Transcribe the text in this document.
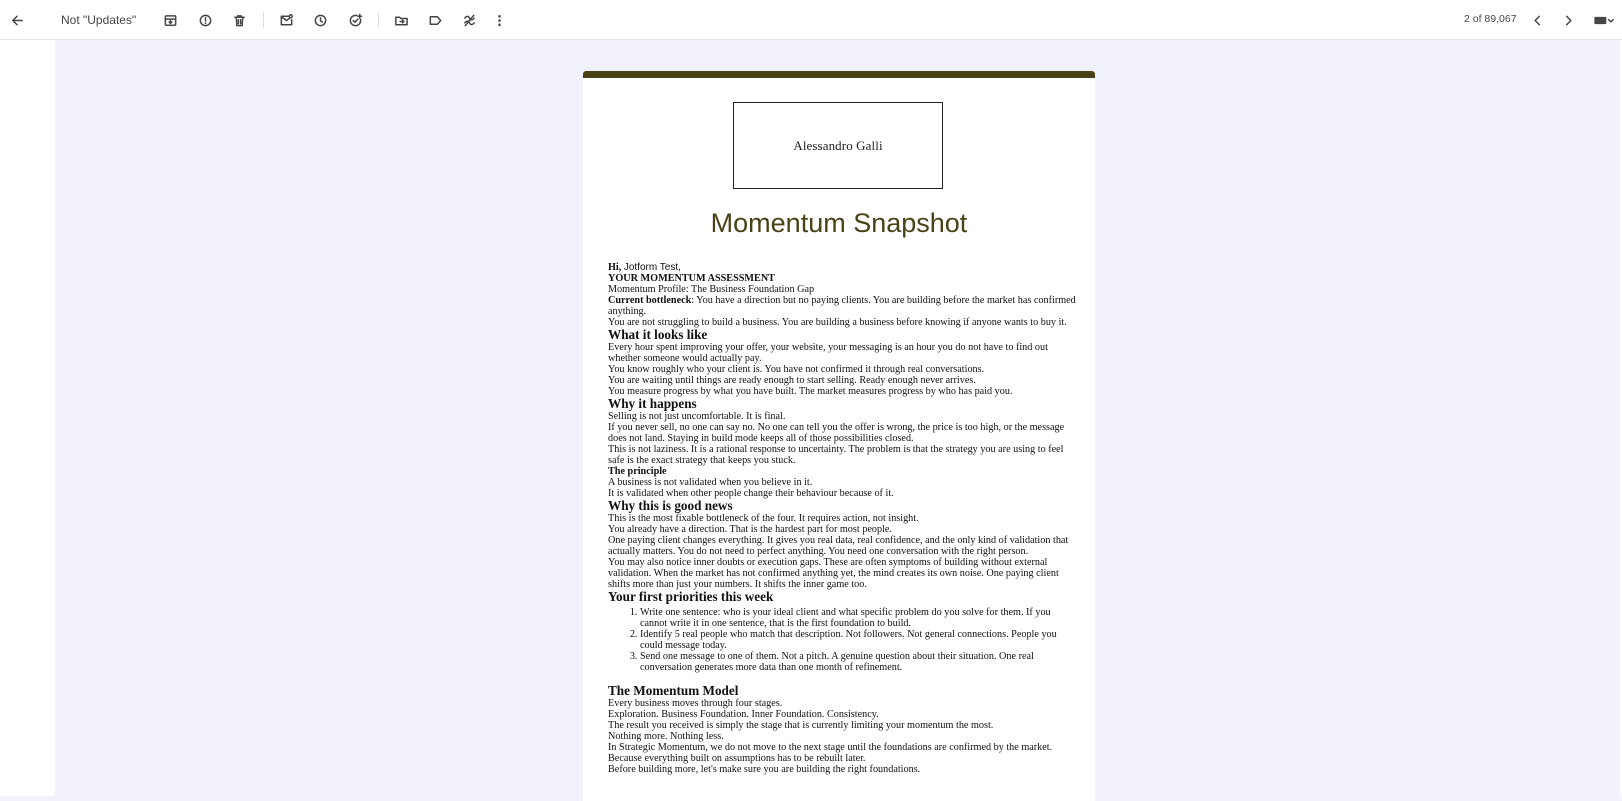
Not "Updates"	2 of 89,067
Alessandro Galli
Momentum Snapshot

Hi, Jotform Test,

YOUR MOMENTUM ASSESSMENT

Momentum Profile: The Business Foundation Gap

Current bottleneck: You have a direction but no paying clients. You are building before the market has confirmed anything.

You are not struggling to build a business. You are building a business before knowing if anyone wants to buy it.

What it looks like

Every hour spent improving your offer, your website, your messaging is an hour you do not have to find out whether someone would actually pay.

You know roughly who your client is. You have not confirmed it through real conversations.

You are waiting until things are ready enough to start selling. Ready enough never arrives.

You measure progress by what you have built. The market measures progress by who has paid you.

Why it happens

Selling is not just uncomfortable. It is final.

If you never sell, no one can say no. No one can tell you the offer is wrong, the price is too high, or the message does not land. Staying in build mode keeps all of those possibilities closed.

This is not laziness. It is a rational response to uncertainty. The problem is that the strategy you are using to feel safe is the exact strategy that keeps you stuck.

The principle

A business is not validated when you believe in it.

It is validated when other people change their behaviour because of it.

Why this is good news

This is the most fixable bottleneck of the four. It requires action, not insight.

You already have a direction. That is the hardest part for most people.

One paying client changes everything. It gives you real data, real confidence, and the only kind of validation that actually matters. You do not need to perfect anything. You need one conversation with the right person.

You may also notice inner doubts or execution gaps. These are often symptoms of building without external validation. When the market has not confirmed anything yet, the mind creates its own noise. One paying client shifts more than just your numbers. It shifts the inner game too.

Your first priorities this week
1. Write one sentence: who is your ideal client and what specific problem do you solve for them. If you cannot write it in one sentence, that is the first foundation to build.
2. Identify 5 real people who match that description. Not followers. Not general connections. People you could message today.
3. Send one message to one of them. Not a pitch. A genuine question about their situation. One real conversation generates more data than one month of refinement.
The Momentum Model

Every business moves through four stages.

Exploration. Business Foundation. Inner Foundation. Consistency.

The result you received is simply the stage that is currently limiting your momentum the most.

Nothing more. Nothing less.

In Strategic Momentum, we do not move to the next stage until the foundations are confirmed by the market.

Because everything built on assumptions has to be rebuilt later.

Before building more, let's make sure you are building the right foundations.
